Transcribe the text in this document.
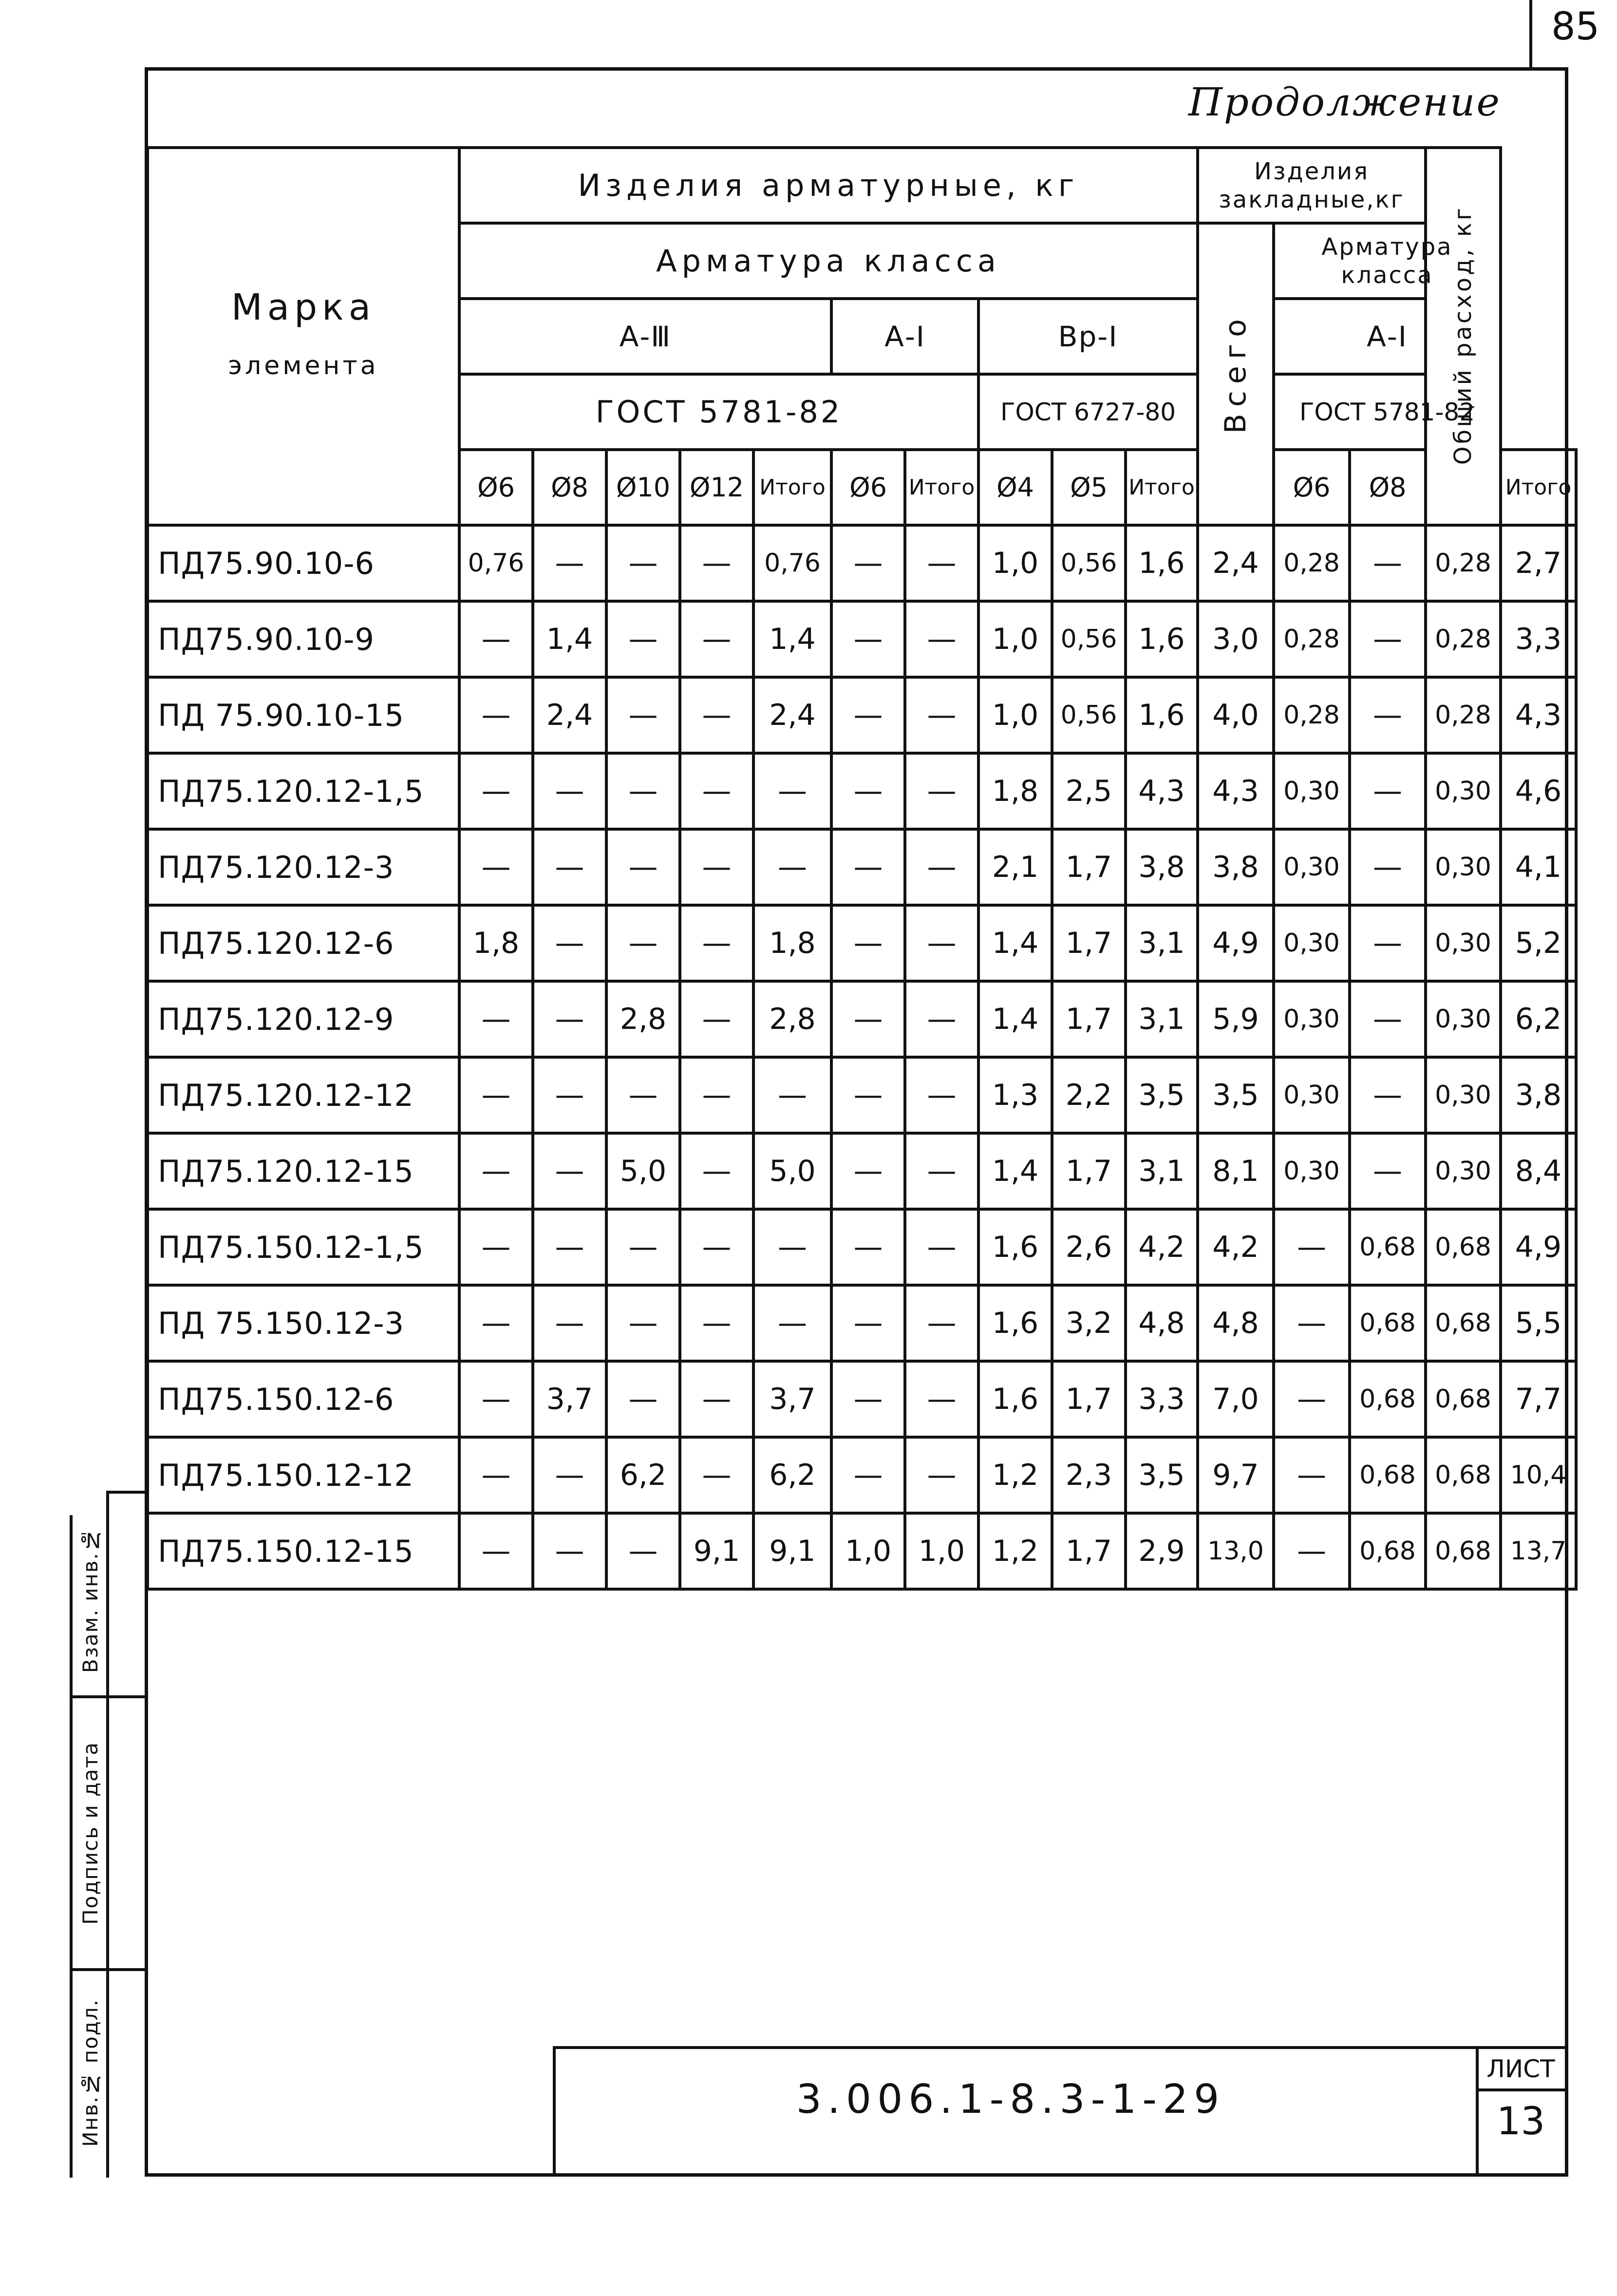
85
Продолжение
Марка
элемента	Изделия арматурные, кг										Изделия закладные,кг			Общий расход, кг	
	Арматура класса										Всего	Арматура класса			
	А-Ⅲ					А-I		Вр-I				А-I			
	ГОСТ 5781-82							ГОСТ 6727-80				ГОСТ 5781-82			
	Ø6	Ø8	Ø10	Ø12	Итого	Ø6	Итого	Ø4	Ø5	Итого		Ø6	Ø8		Итого
ПД75.90.10-6	0,76	—	—	—	0,76	—	—	1,0	0,56	1,6	2,4	0,28	—	0,28	2,7
ПД75.90.10-9	—	1,4	—	—	1,4	—	—	1,0	0,56	1,6	3,0	0,28	—	0,28	3,3
ПД 75.90.10-15	—	2,4	—	—	2,4	—	—	1,0	0,56	1,6	4,0	0,28	—	0,28	4,3
ПД75.120.12-1,5	—	—	—	—	—	—	—	1,8	2,5	4,3	4,3	0,30	—	0,30	4,6
ПД75.120.12-3	—	—	—	—	—	—	—	2,1	1,7	3,8	3,8	0,30	—	0,30	4,1
ПД75.120.12-6	1,8	—	—	—	1,8	—	—	1,4	1,7	3,1	4,9	0,30	—	0,30	5,2
ПД75.120.12-9	—	—	2,8	—	2,8	—	—	1,4	1,7	3,1	5,9	0,30	—	0,30	6,2
ПД75.120.12-12	—	—	—	—	—	—	—	1,3	2,2	3,5	3,5	0,30	—	0,30	3,8
ПД75.120.12-15	—	—	5,0	—	5,0	—	—	1,4	1,7	3,1	8,1	0,30	—	0,30	8,4
ПД75.150.12-1,5	—	—	—	—	—	—	—	1,6	2,6	4,2	4,2	—	0,68	0,68	4,9
ПД 75.150.12-3	—	—	—	—	—	—	—	1,6	3,2	4,8	4,8	—	0,68	0,68	5,5
ПД75.150.12-6	—	3,7	—	—	3,7	—	—	1,6	1,7	3,3	7,0	—	0,68	0,68	7,7
ПД75.150.12-12	—	—	6,2	—	6,2	—	—	1,2	2,3	3,5	9,7	—	0,68	0,68	10,4
ПД75.150.12-15	—	—	—	9,1	9,1	1,0	1,0	1,2	1,7	2,9	13,0	—	0,68	0,68	13,7
Взам. инв.№
Подпись и дата
Инв.№ подл.	3.006.1-8.3-1-29
ЛИСТ
13
